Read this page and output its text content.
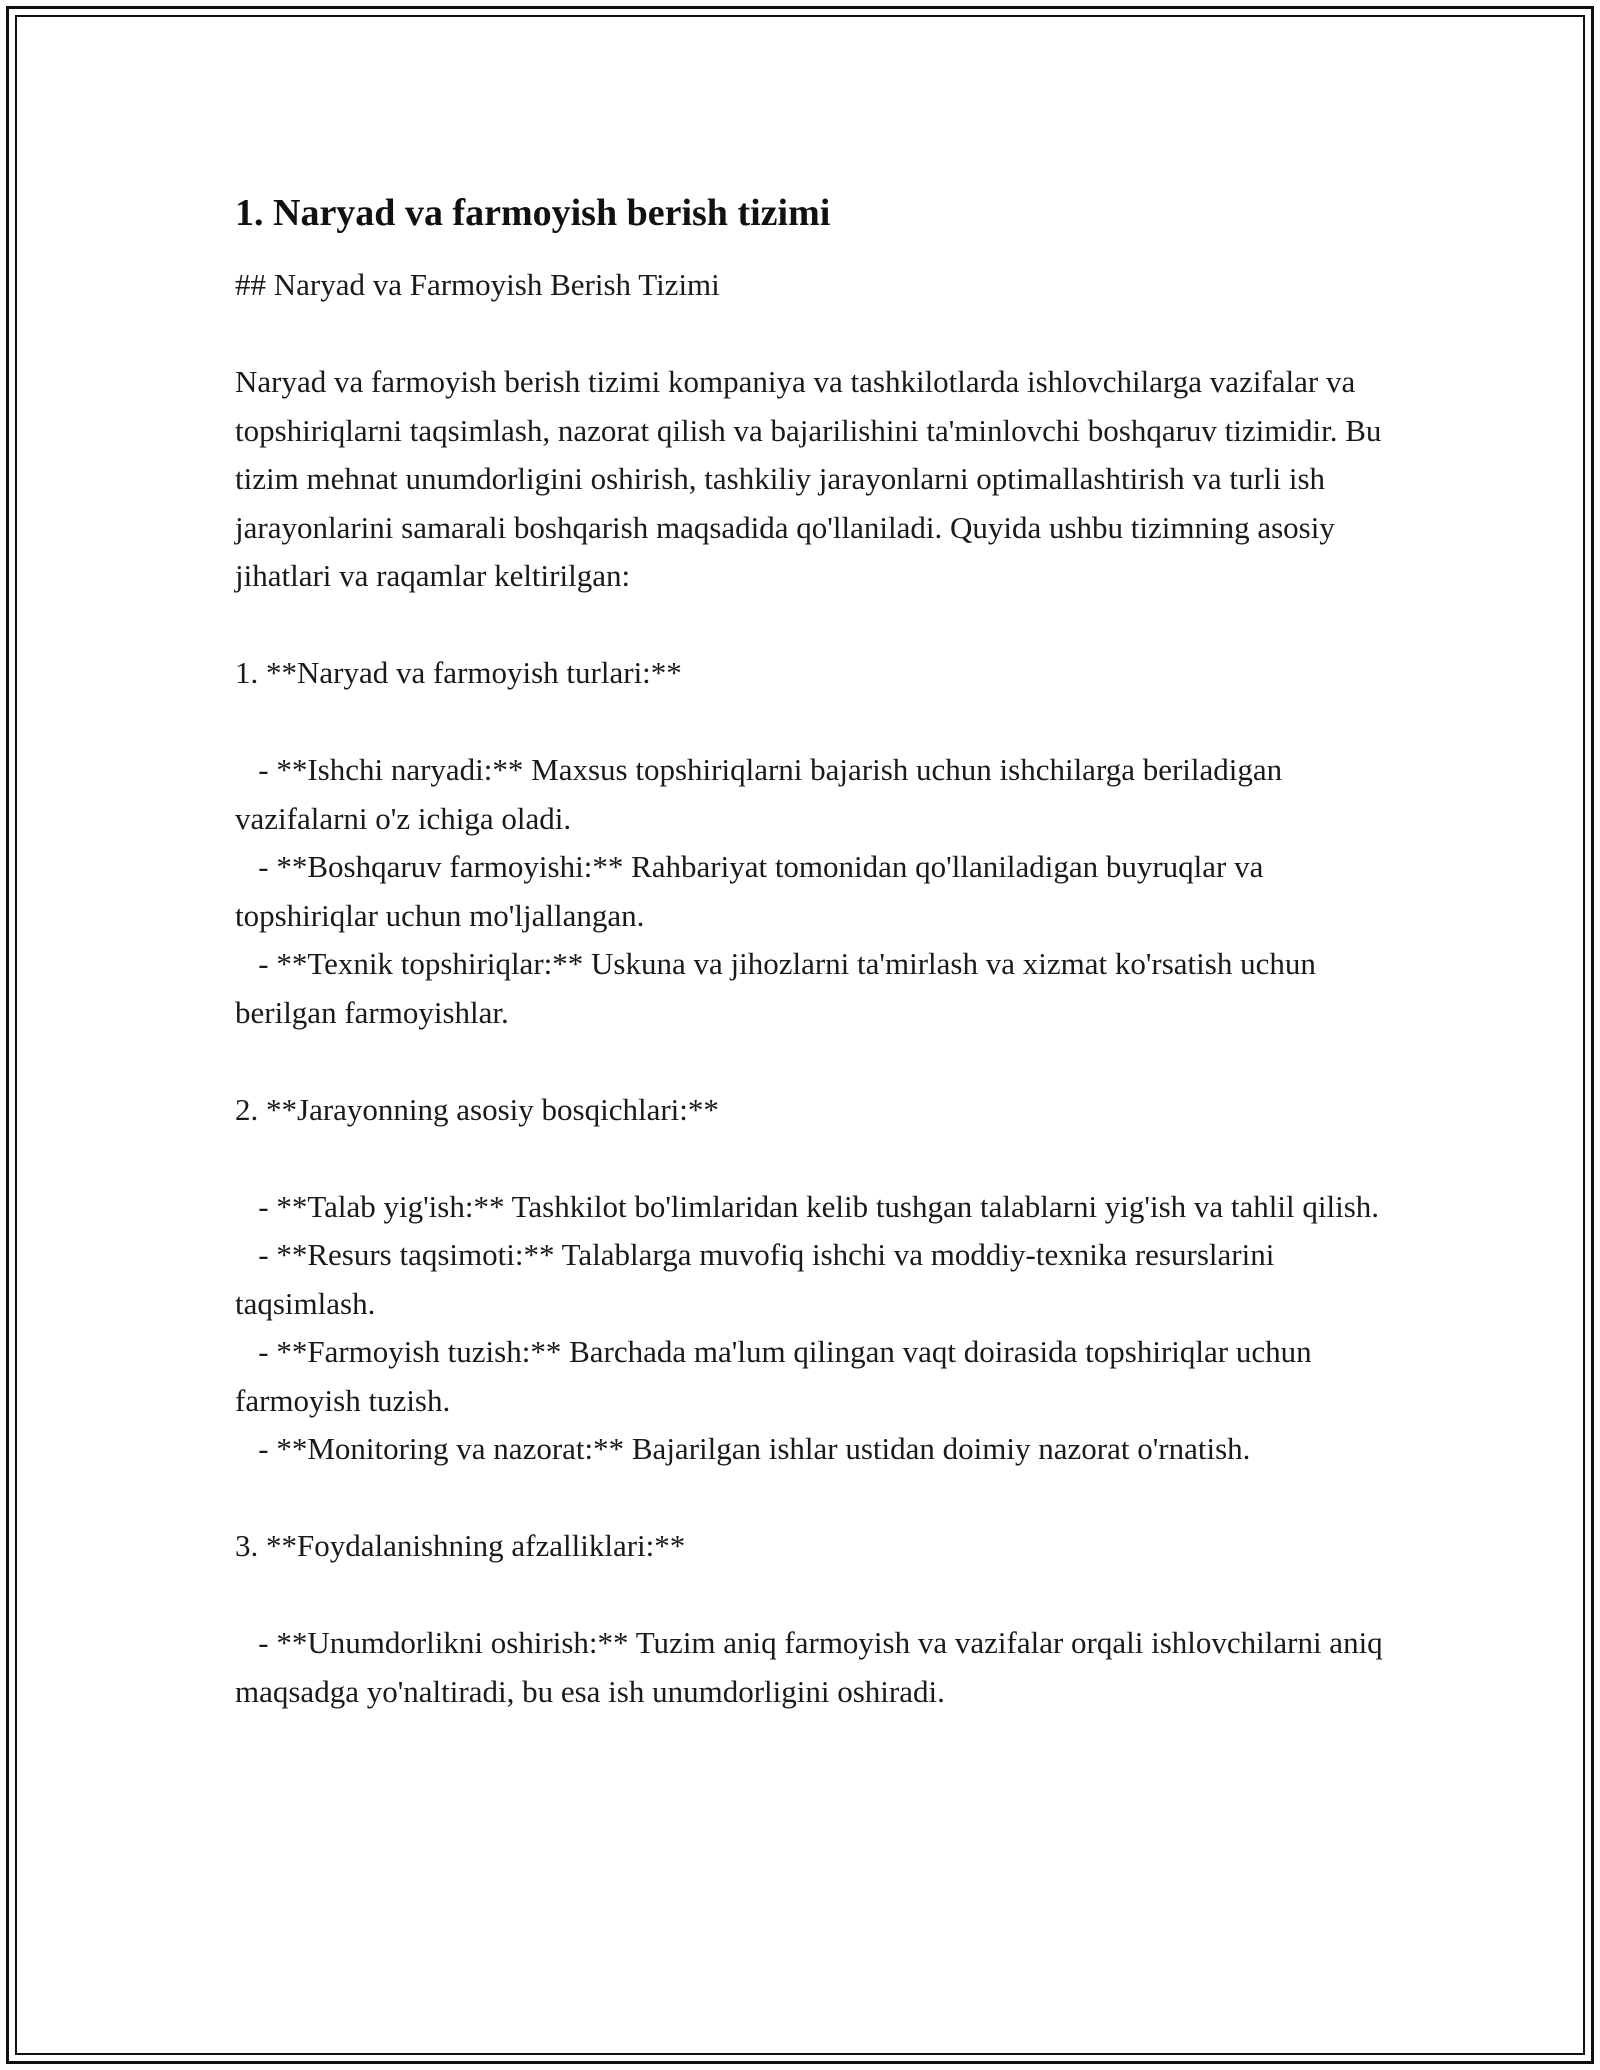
1. Naryad va farmoyish berish tizimi

## Naryad va Farmoyish Berish Tizimi

Naryad va farmoyish berish tizimi kompaniya va tashkilotlarda ishlovchilarga vazifalar va topshiriqlarni taqsimlash, nazorat qilish va bajarilishini ta'minlovchi boshqaruv tizimidir. Bu tizim mehnat unumdorligini oshirish, tashkiliy jarayonlarni optimallashtirish va turli ish jarayonlarini samarali boshqarish maqsadida qo'llaniladi. Quyida ushbu tizimning asosiy jihatlari va raqamlar keltirilgan:

1. **Naryad va farmoyish turlari:**

- **Ishchi naryadi:** Maxsus topshiriqlarni bajarish uchun ishchilarga beriladigan vazifalarni o'z ichiga oladi.

- **Boshqaruv farmoyishi:** Rahbariyat tomonidan qo'llaniladigan buyruqlar va topshiriqlar uchun mo'ljallangan.

- **Texnik topshiriqlar:** Uskuna va jihozlarni ta'mirlash va xizmat ko'rsatish uchun berilgan farmoyishlar.

2. **Jarayonning asosiy bosqichlari:**

- **Talab yig'ish:** Tashkilot bo'limlaridan kelib tushgan talablarni yig'ish va tahlil qilish.

- **Resurs taqsimoti:** Talablarga muvofiq ishchi va moddiy-texnika resurslarini taqsimlash.

- **Farmoyish tuzish:** Barchada ma'lum qilingan vaqt doirasida topshiriqlar uchun farmoyish tuzish.

- **Monitoring va nazorat:** Bajarilgan ishlar ustidan doimiy nazorat o'rnatish.

3. **Foydalanishning afzalliklari:**

- **Unumdorlikni oshirish:** Tuzim aniq farmoyish va vazifalar orqali ishlovchilarni aniq maqsadga yo'naltiradi, bu esa ish unumdorligini oshiradi.
